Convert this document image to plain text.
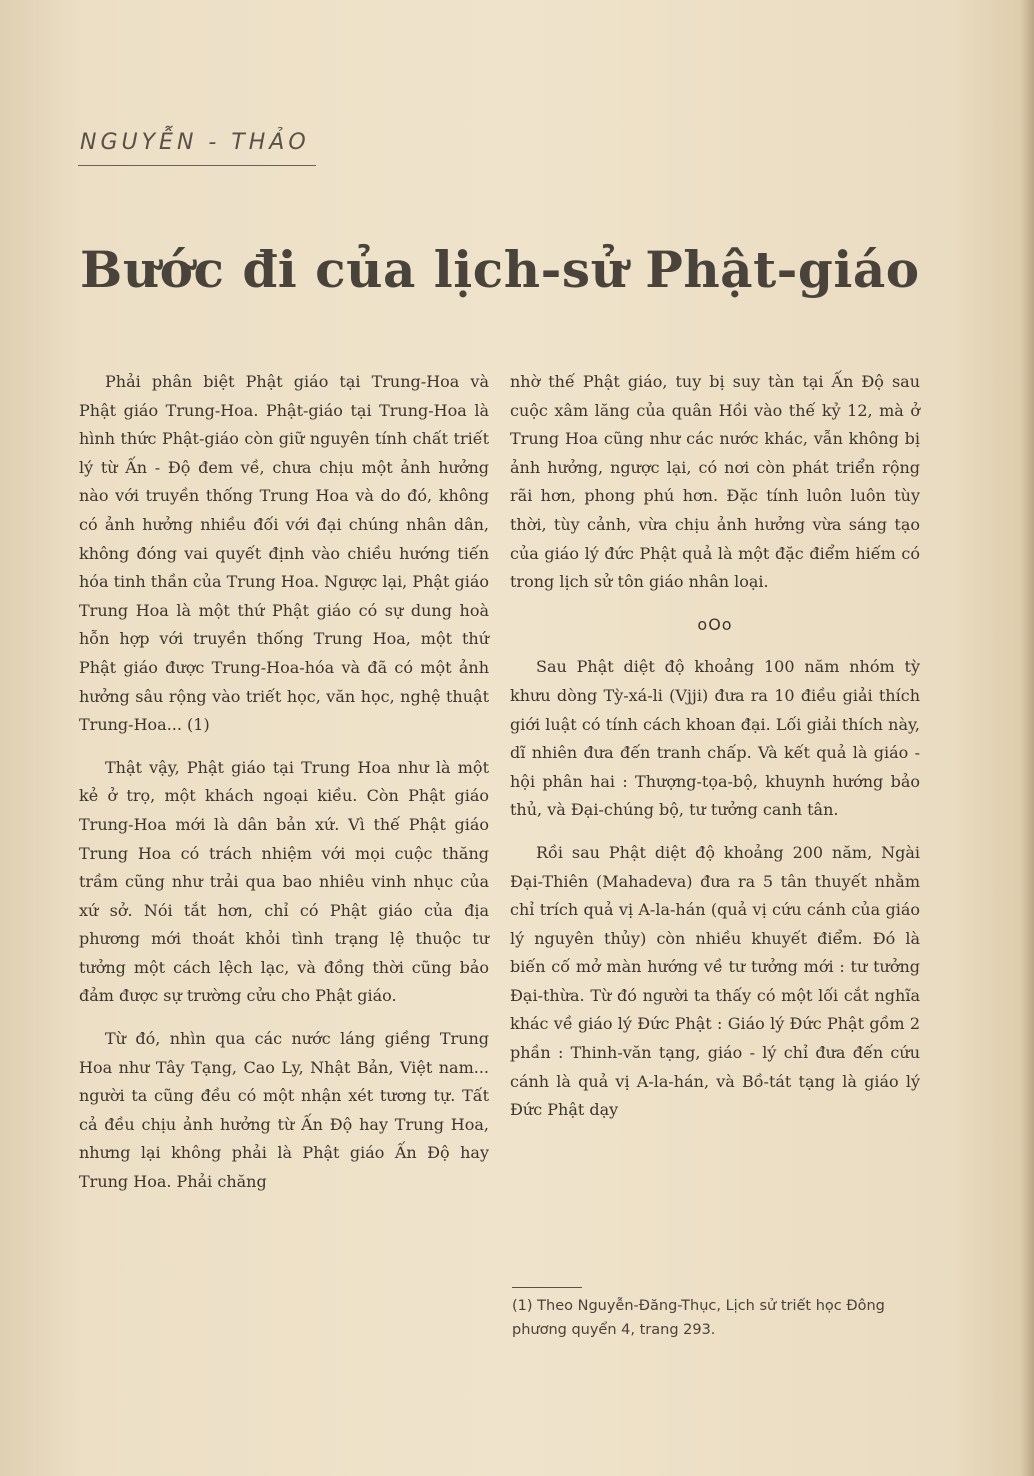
NGUYỄN - THẢO
Bước đi của lịch-sử Phật-giáo

Phải phân biệt Phật giáo tại Trung-Hoa và Phật giáo Trung-Hoa. Phật-giáo tại Trung-Hoa là hình thức Phật-giáo còn giữ nguyên tính chất triết lý từ Ấn - Độ đem về, chưa chịu một ảnh hưởng nào với truyền thống Trung Hoa và do đó, không có ảnh hưởng nhiều đối với đại chúng nhân dân, không đóng vai quyết định vào chiều hướng tiến hóa tinh thần của Trung Hoa. Ngược lại, Phật giáo Trung Hoa là một thứ Phật giáo có sự dung hoà hỗn hợp với truyền thống Trung Hoa, một thứ Phật giáo được Trung-Hoa-hóa và đã có một ảnh hưởng sâu rộng vào triết học, văn học, nghệ thuật Trung-Hoa... (1)

Thật vậy, Phật giáo tại Trung Hoa như là một kẻ ở trọ, một khách ngoại kiều. Còn Phật giáo Trung-Hoa mới là dân bản xứ. Vì thế Phật giáo Trung Hoa có trách nhiệm với mọi cuộc thăng trầm cũng như trải qua bao nhiêu vinh nhục của xứ sở. Nói tắt hơn, chỉ có Phật giáo của địa phương mới thoát khỏi tình trạng lệ thuộc tư tưởng một cách lệch lạc, và đồng thời cũng bảo đảm được sự trường cửu cho Phật giáo.

Từ đó, nhìn qua các nước láng giềng Trung Hoa như Tây Tạng, Cao Ly, Nhật Bản, Việt nam... người ta cũng đều có một nhận xét tương tự. Tất cả đều chịu ảnh hưởng từ Ấn Độ hay Trung Hoa, nhưng lại không phải là Phật giáo Ấn Độ hay Trung Hoa. Phải chăng

nhờ thế Phật giáo, tuy bị suy tàn tại Ấn Độ sau cuộc xâm lăng của quân Hồi vào thế kỷ 12, mà ở Trung Hoa cũng như các nước khác, vẫn không bị ảnh hưởng, ngược lại, có nơi còn phát triển rộng rãi hơn, phong phú hơn. Đặc tính luôn luôn tùy thời, tùy cảnh, vừa chịu ảnh hưởng vừa sáng tạo của giáo lý đức Phật quả là một đặc điểm hiếm có trong lịch sử tôn giáo nhân loại.

oOo

Sau Phật diệt độ khoảng 100 năm nhóm tỳ khưu dòng Tỳ-xá-li (Vjji) đưa ra 10 điều giải thích giới luật có tính cách khoan đại. Lối giải thích này, dĩ nhiên đưa đến tranh chấp. Và kết quả là giáo - hội phân hai : Thượng-tọa-bộ, khuynh hướng bảo thủ, và Đại-chúng bộ, tư tưởng canh tân.

Rồi sau Phật diệt độ khoảng 200 năm, Ngài Đại-Thiên (Mahadeva) đưa ra 5 tân thuyết nhằm chỉ trích quả vị A-la-hán (quả vị cứu cánh của giáo lý nguyên thủy) còn nhiều khuyết điểm. Đó là biến cố mở màn hướng về tư tưởng mới : tư tưởng Đại-thừa. Từ đó người ta thấy có một lối cắt nghĩa khác về giáo lý Đức Phật : Giáo lý Đức Phật gồm 2 phần : Thinh-văn tạng, giáo - lý chỉ đưa đến cứu cánh là quả vị A-la-hán, và Bồ-tát tạng là giáo lý Đức Phật dạy

(1) Theo Nguyễn-Đăng-Thục, Lịch sử triết học Đông phương quyển 4, trang 293.
